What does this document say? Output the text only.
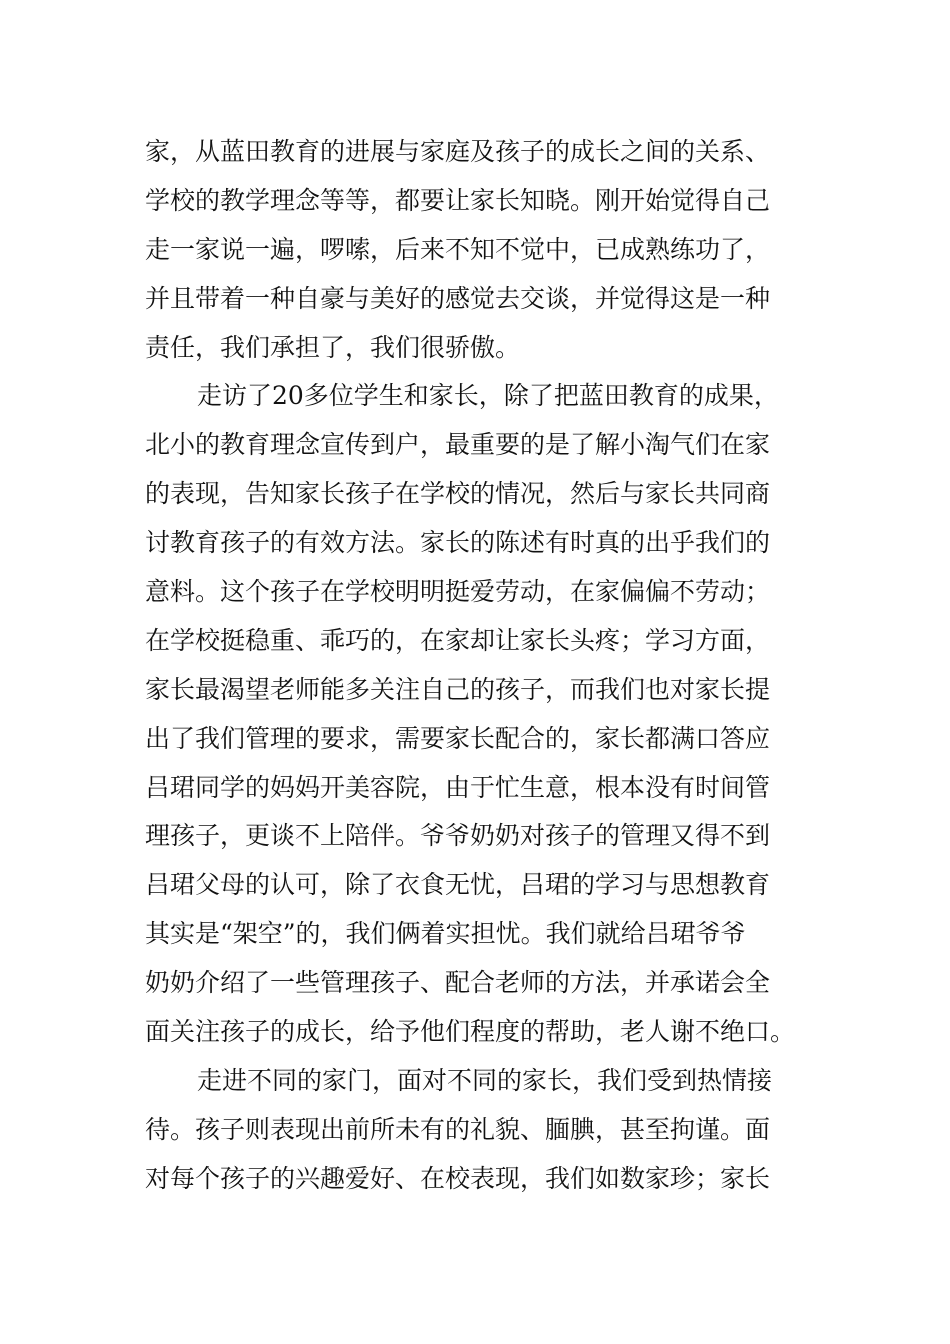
家，从蓝田教育的进展与家庭及孩子的成长之间的关系、
学校的教学理念等等，都要让家长知晓。刚开始觉得自己
走一家说一遍，啰嗦，后来不知不觉中，已成熟练功了，
并且带着一种自豪与美好的感觉去交谈，并觉得这是一种
责任，我们承担了，我们很骄傲。
走访了20多位学生和家长，除了把蓝田教育的成果，
北小的教育理念宣传到户，最重要的是了解小淘气们在家
的表现，告知家长孩子在学校的情况，然后与家长共同商
讨教育孩子的有效方法。家长的陈述有时真的出乎我们的
意料。这个孩子在学校明明挺爱劳动，在家偏偏不劳动；
在学校挺稳重、乖巧的，在家却让家长头疼；学习方面，
家长最渴望老师能多关注自己的孩子，而我们也对家长提
出了我们管理的要求，需要家长配合的，家长都满口答应
吕珺同学的妈妈开美容院，由于忙生意，根本没有时间管
理孩子，更谈不上陪伴。爷爷奶奶对孩子的管理又得不到
吕珺父母的认可，除了衣食无忧，吕珺的学习与思想教育
其实是“架空”的，我们俩着实担忧。我们就给吕珺爷爷
奶奶介绍了一些管理孩子、配合老师的方法，并承诺会全
面关注孩子的成长，给予他们程度的帮助，老人谢不绝口。
走进不同的家门，面对不同的家长，我们受到热情接
待。孩子则表现出前所未有的礼貌、腼腆，甚至拘谨。面
对每个孩子的兴趣爱好、在校表现，我们如数家珍；家长
